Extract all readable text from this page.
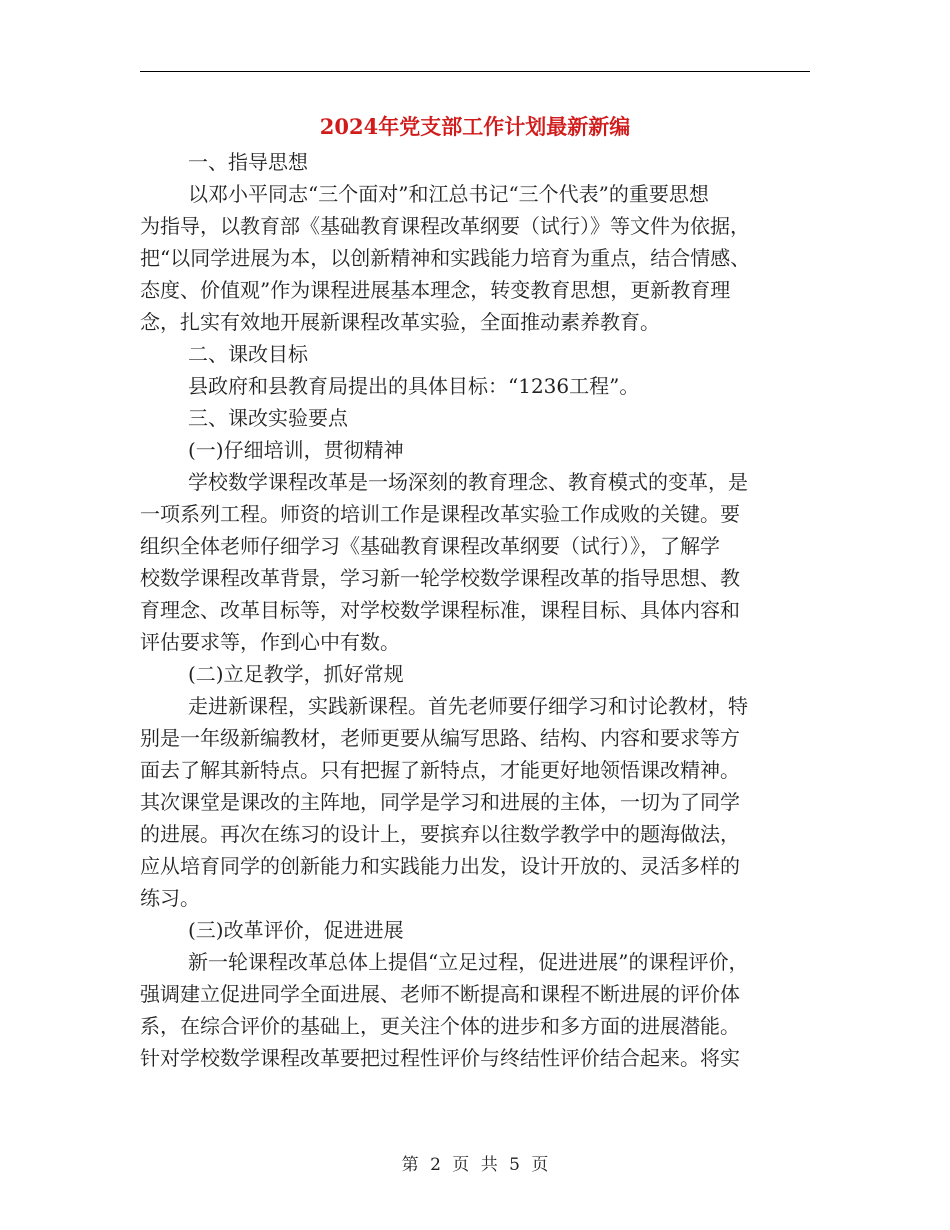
2024年党支部工作计划最新新编
一、指导思想
以邓小平同志“三个面对”和江总书记“三个代表”的重要思想
为指导，以教育部《基础教育课程改革纲要（试行）》等文件为依据，
把“以同学进展为本，以创新精神和实践能力培育为重点，结合情感、
态度、价值观”作为课程进展基本理念，转变教育思想，更新教育理
念，扎实有效地开展新课程改革实验，全面推动素养教育。
二、课改目标
县政府和县教育局提出的具体目标：“1236工程”。
三、课改实验要点
(一)仔细培训，贯彻精神
学校数学课程改革是一场深刻的教育理念、教育模式的变革，是
一项系列工程。师资的培训工作是课程改革实验工作成败的关键。要
组织全体老师仔细学习《基础教育课程改革纲要（试行）》，了解学
校数学课程改革背景，学习新一轮学校数学课程改革的指导思想、教
育理念、改革目标等，对学校数学课程标准，课程目标、具体内容和
评估要求等，作到心中有数。
(二)立足教学，抓好常规
走进新课程，实践新课程。首先老师要仔细学习和讨论教材，特
别是一年级新编教材，老师更要从编写思路、结构、内容和要求等方
面去了解其新特点。只有把握了新特点，才能更好地领悟课改精神。
其次课堂是课改的主阵地，同学是学习和进展的主体，一切为了同学
的进展。再次在练习的设计上，要摈弃以往数学教学中的题海做法，
应从培育同学的创新能力和实践能力出发，设计开放的、灵活多样的
练习。
(三)改革评价，促进进展
新一轮课程改革总体上提倡“立足过程，促进进展”的课程评价，
强调建立促进同学全面进展、老师不断提高和课程不断进展的评价体
系，在综合评价的基础上，更关注个体的进步和多方面的进展潜能。
针对学校数学课程改革要把过程性评价与终结性评价结合起来。将实
第 2 页 共 5 页
